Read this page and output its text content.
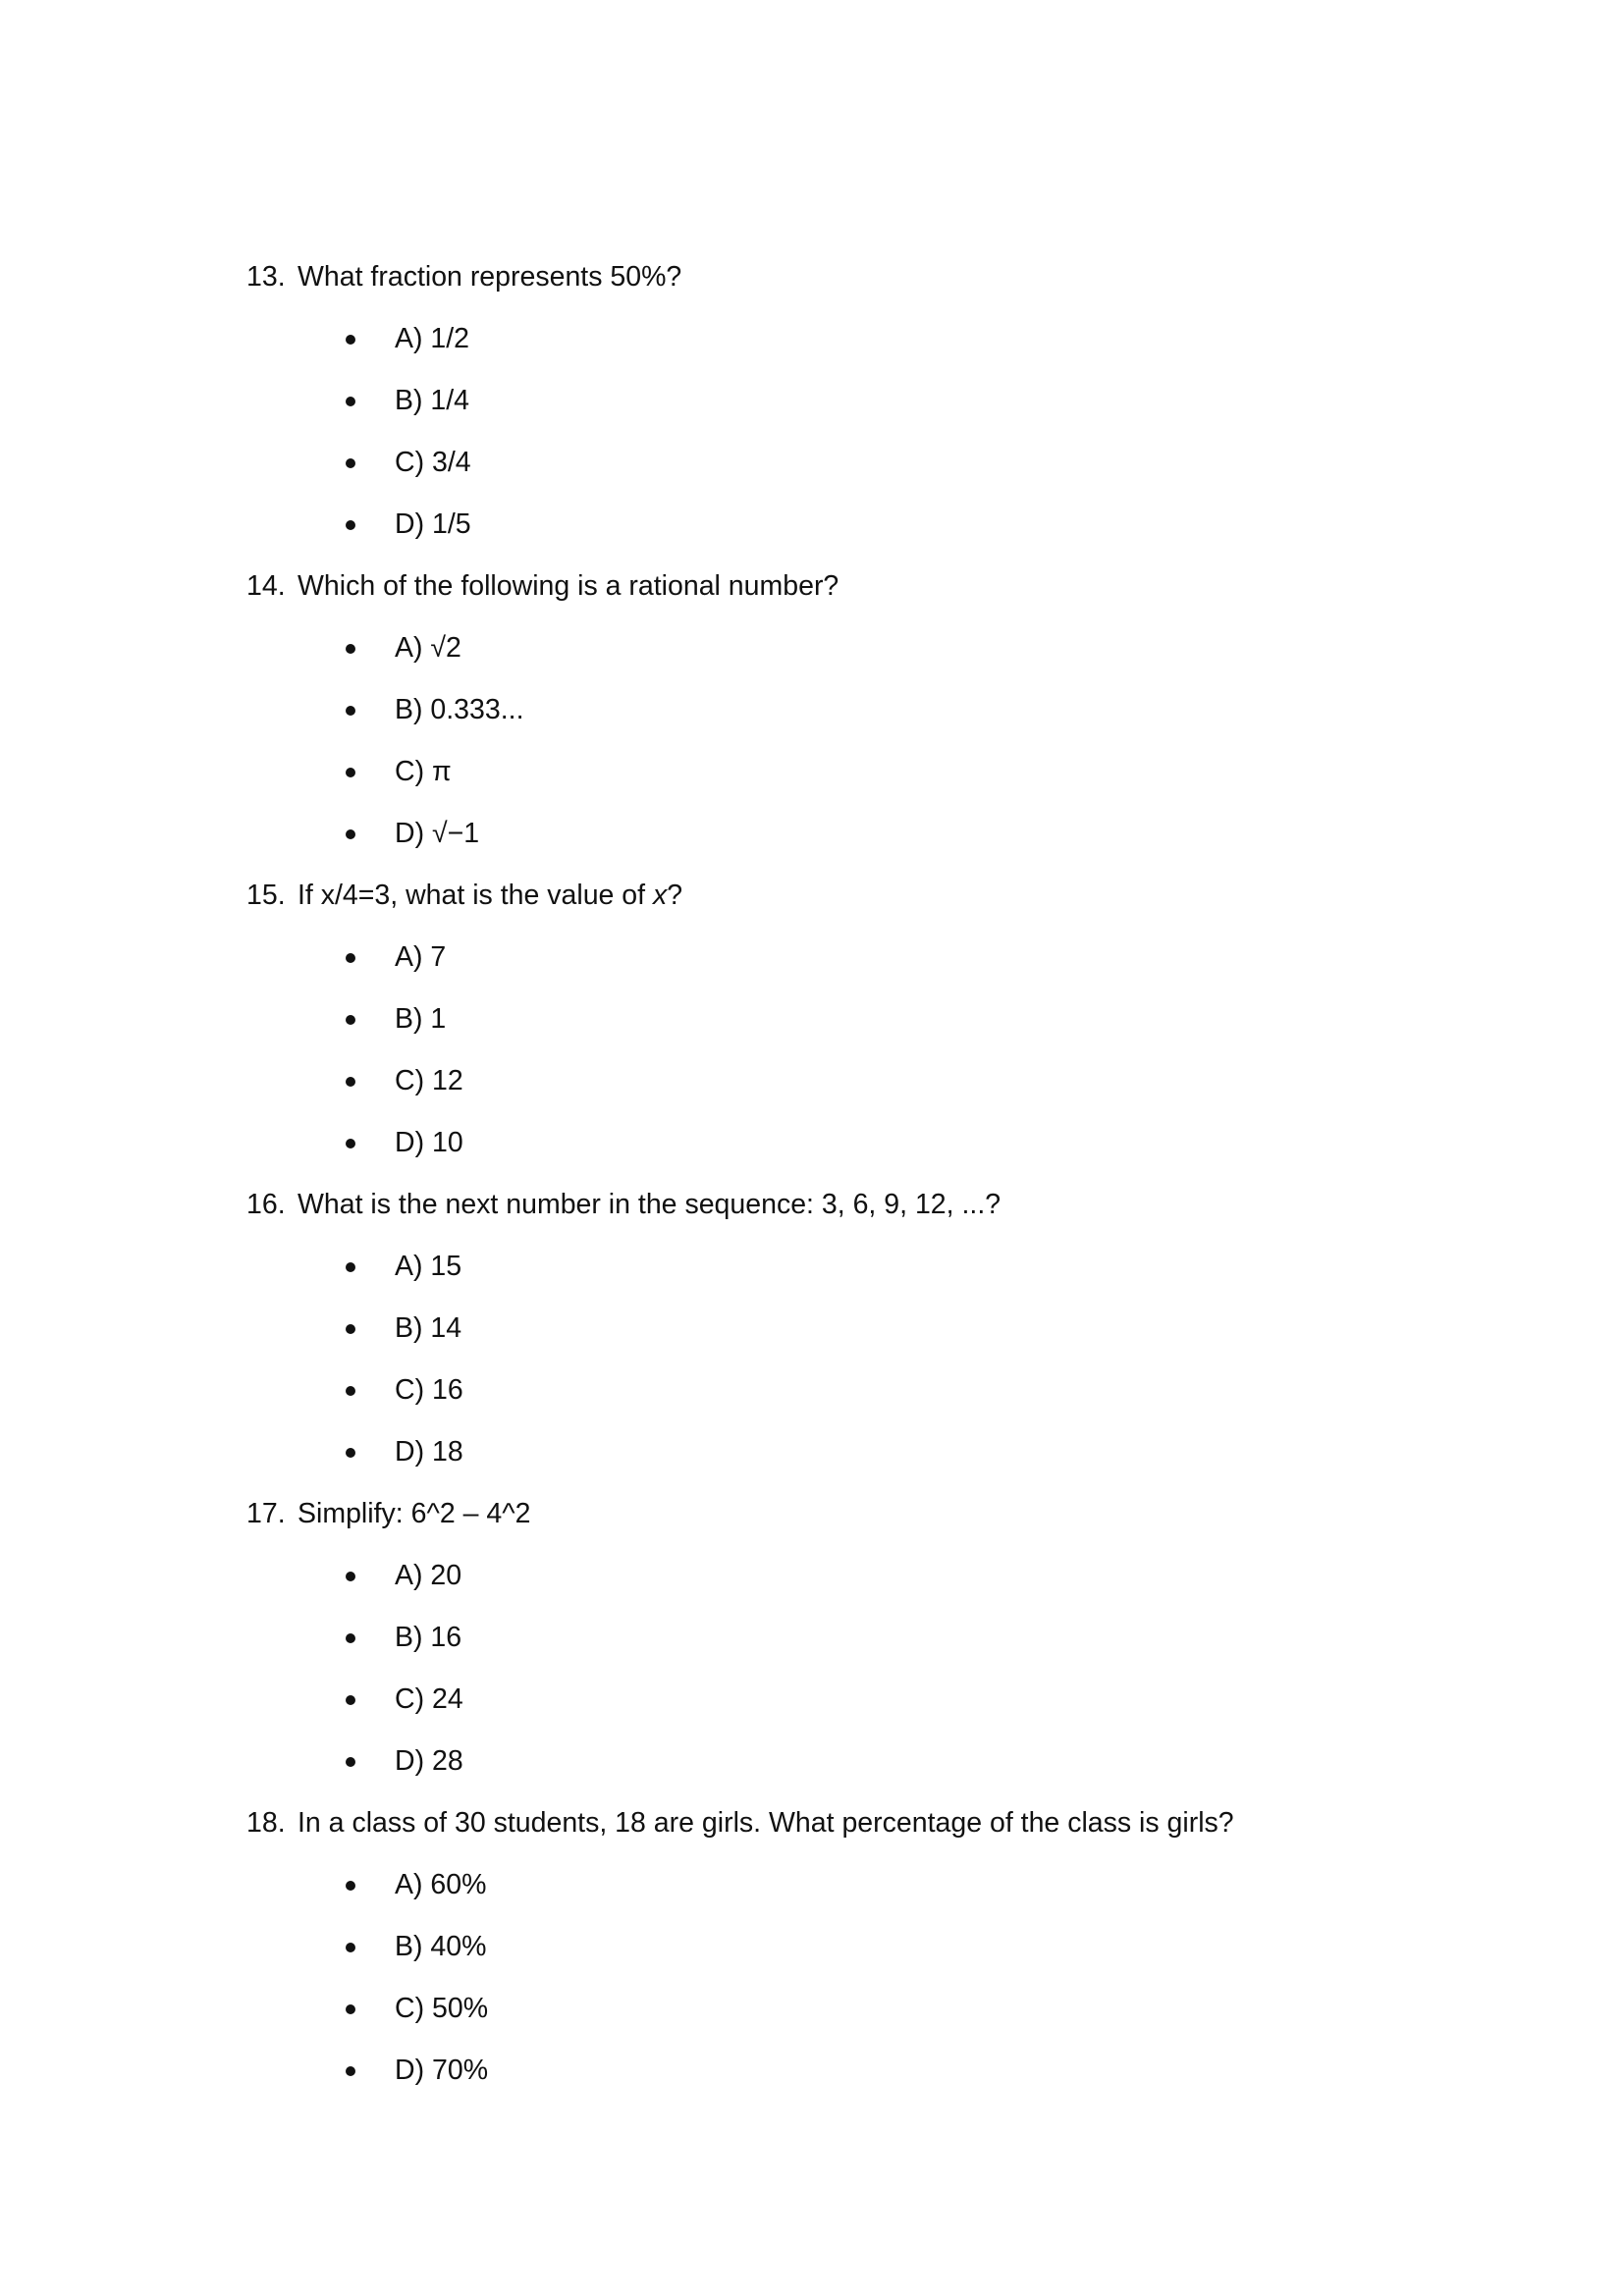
13. What fraction represents 50%?
A) 1/2
B) 1/4
C) 3/4
D) 1/5
14. Which of the following is a rational number?
A) √2
B) 0.333...
C) π
D) √−1
15. If x/4=3, what is the value of x?
A) 7
B) 1
C) 12
D) 10
16. What is the next number in the sequence: 3, 6, 9, 12, ...?
A) 15
B) 14
C) 16
D) 18
17. Simplify: 6^2 – 4^2
A) 20
B) 16
C) 24
D) 28
18. In a class of 30 students, 18 are girls. What percentage of the class is girls?
A) 60%
B) 40%
C) 50%
D) 70%
